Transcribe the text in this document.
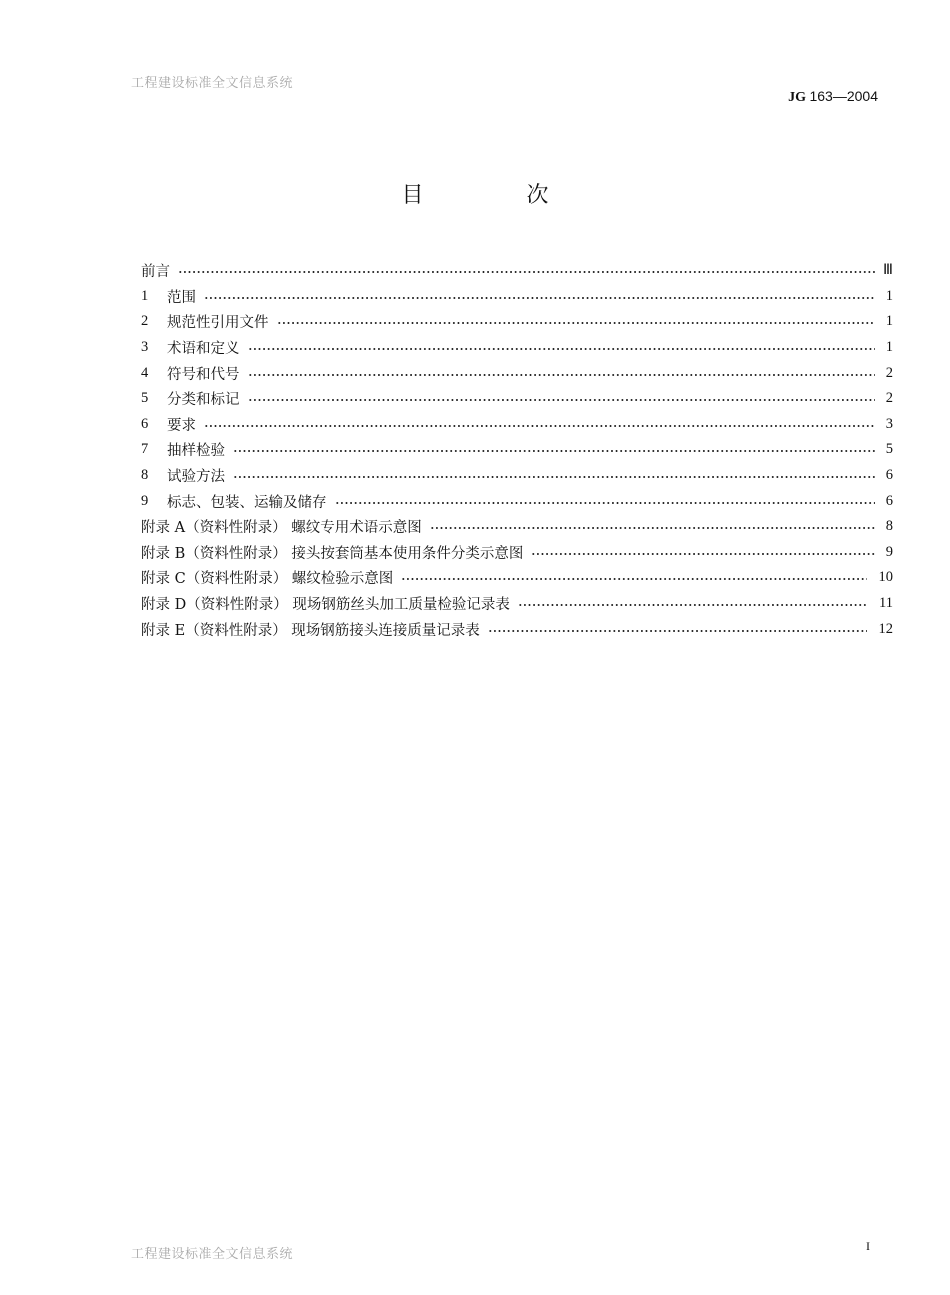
工程建设标准全文信息系统
JG 163—2004
目 次
前言	Ⅲ
1	范围	1
2	规范性引用文件	1
3	术语和定义	1
4	符号和代号	2
5	分类和标记	2
6	要求	3
7	抽样检验	5
8	试验方法	6
9	标志、包装、运输及储存	6
附录 A（资料性附录） 螺纹专用术语示意图	8
附录 B（资料性附录） 接头按套筒基本使用条件分类示意图	9
附录 C（资料性附录） 螺纹检验示意图	10
附录 D（资料性附录） 现场钢筋丝头加工质量检验记录表	11
附录 E（资料性附录） 现场钢筋接头连接质量记录表	12
工程建设标准全文信息系统
I
